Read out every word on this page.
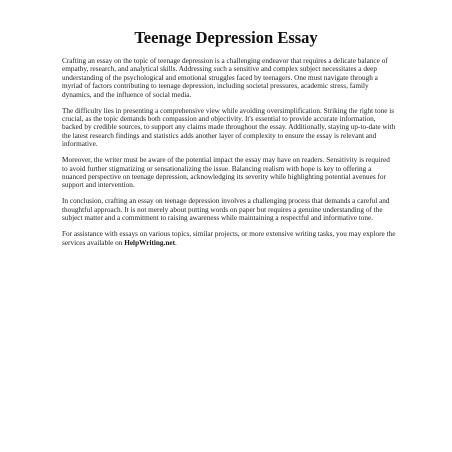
Teenage Depression Essay

Crafting an essay on the topic of teenage depression is a challenging endeavor that requires a delicate balance of empathy, research, and analytical skills. Addressing such a sensitive and complex subject necessitates a deep understanding of the psychological and emotional struggles faced by teenagers. One must navigate through a myriad of factors contributing to teenage depression, including societal pressures, academic stress, family dynamics, and the influence of social media.

The difficulty lies in presenting a comprehensive view while avoiding oversimplification. Striking the right tone is crucial, as the topic demands both compassion and objectivity. It's essential to provide accurate information, backed by credible sources, to support any claims made throughout the essay. Additionally, staying up-to-date with the latest research findings and statistics adds another layer of complexity to ensure the essay is relevant and informative.

Moreover, the writer must be aware of the potential impact the essay may have on readers. Sensitivity is required to avoid further stigmatizing or sensationalizing the issue. Balancing realism with hope is key to offering a nuanced perspective on teenage depression, acknowledging its severity while highlighting potential avenues for support and intervention.

In conclusion, crafting an essay on teenage depression involves a challenging process that demands a careful and thoughtful approach. It is not merely about putting words on paper but requires a genuine understanding of the subject matter and a commitment to raising awareness while maintaining a respectful and informative tone.

For assistance with essays on various topics, similar projects, or more extensive writing tasks, you may explore the services available on HelpWriting.net.
